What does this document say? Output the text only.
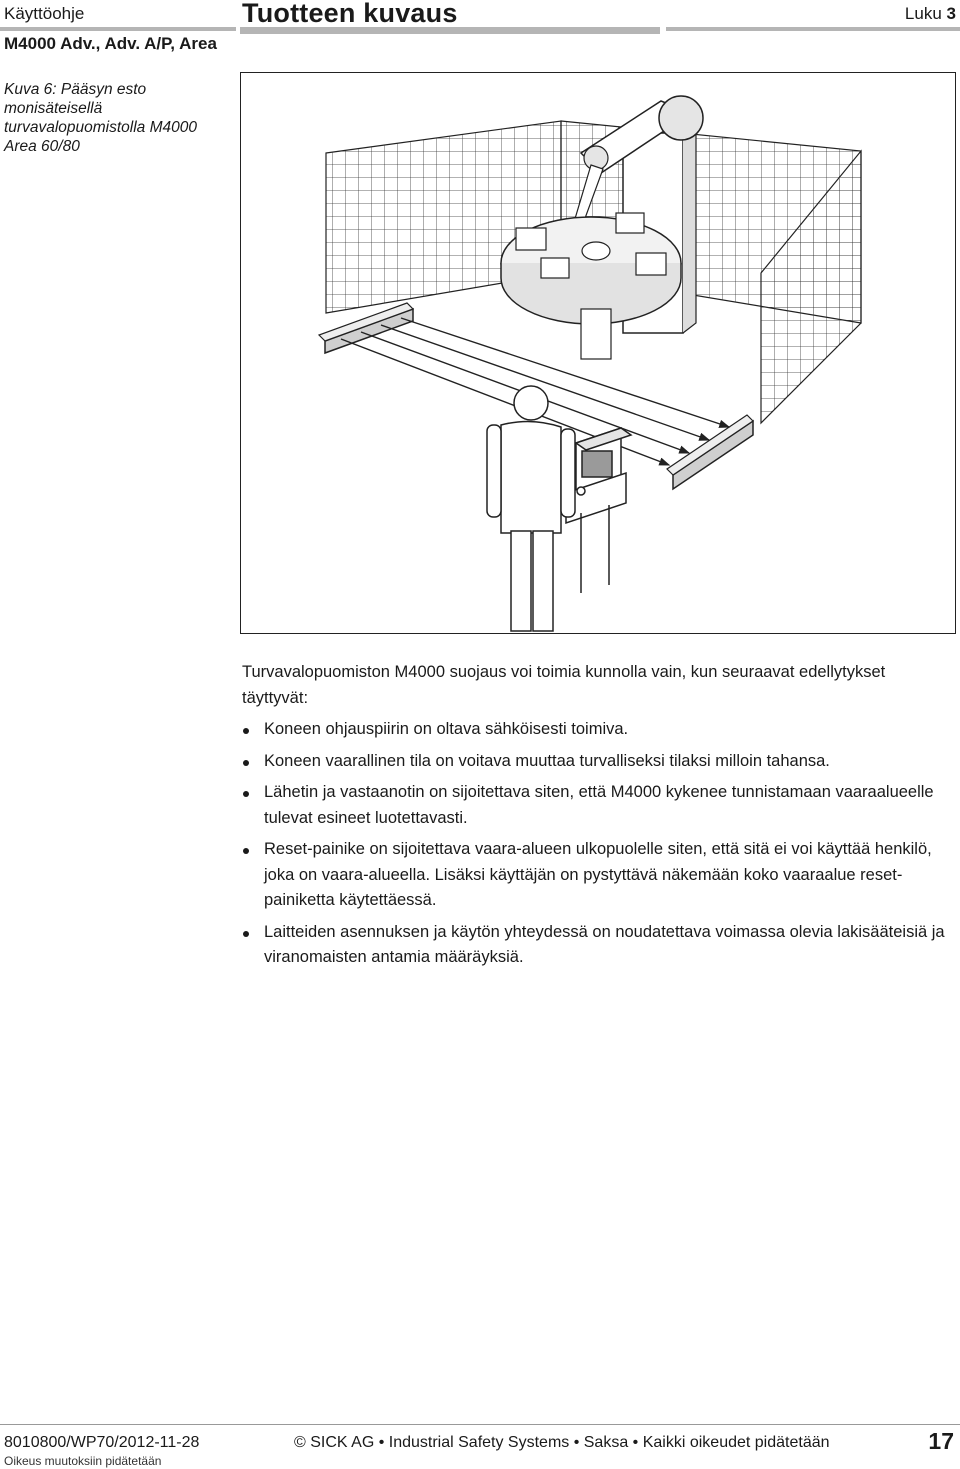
Käyttöohje	Tuotteen kuvaus	Luku 3
M4000 Adv., Adv. A/P, Area
Kuva 6: Pääsyn esto monisäteisellä turvavalopuomistolla M4000 Area 60/80

Turvavalopuomiston M4000 suojaus voi toimia kunnolla vain, kun seuraavat edellytykset täyttyvät:

Koneen ohjauspiirin on oltava sähköisesti toimiva.
Koneen vaarallinen tila on voitava muuttaa turvalliseksi tilaksi milloin tahansa.
Lähetin ja vastaanotin on sijoitettava siten, että M4000 kykenee tunnistamaan vaaraalueelle tulevat esineet luotettavasti.
Reset-painike on sijoitettava vaara-alueen ulkopuolelle siten, että sitä ei voi käyttää henkilö, joka on vaara-alueella. Lisäksi käyttäjän on pystyttävä näkemään koko vaaraalue reset-painiketta käytettäessä.
Laitteiden asennuksen ja käytön yhteydessä on noudatettava voimassa olevia lakisääteisiä ja viranomaisten antamia määräyksiä.
8010800/WP70/2012-11-28	© SICK AG • Industrial Safety Systems • Saksa • Kaikki oikeudet pidätetään	17
Oikeus muutoksiin pidätetään
